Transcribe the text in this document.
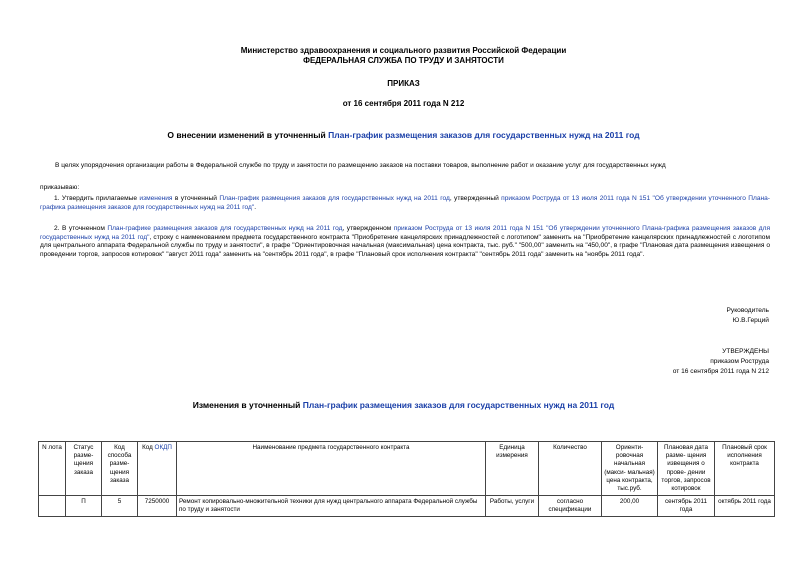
Министерство здравоохранения и социального развития Российской Федерации
ФЕДЕРАЛЬНАЯ СЛУЖБА ПО ТРУДУ И ЗАНЯТОСТИ
ПРИКАЗ
от 16 сентября 2011 года N 212
О внесении изменений в уточненный План-график размещения заказов для государственных нужд на 2011 год
В целях упорядочения организации работы в Федеральной службе по труду и занятости по размещению заказов на поставки товаров, выполнение работ и оказание услуг для государственных нужд
приказываю:
1. Утвердить прилагаемые изменения в уточненный План-график размещения заказов для государственных нужд на 2011 год, утвержденный приказом Роструда от 13 июля 2011 года N 151 "Об утверждении уточненного Плана-графика размещения заказов для государственных нужд на 2011 год".
2. В уточненном План-графике размещения заказов для государственных нужд на 2011 год, утвержденном приказом Роструда от 13 июля 2011 года N 151 "Об утверждении уточненного Плана-графика размещения заказов для государственных нужд на 2011 год", строку с наименованием предмета государственного контракта "Приобретение канцелярских принадлежностей с логотипом" заменить на "Приобретение канцелярских принадлежностей с логотипом для центрального аппарата Федеральной службы по труду и занятости", в графе "Ориентировочная начальная (максимальная) цена контракта, тыс. руб." "500,00" заменить на "450,00", в графе "Плановая дата размещения извещения о проведении торгов, запросов котировок" "август 2011 года" заменить на "сентябрь 2011 года", в графе "Плановый срок исполнения контракта" "сентябрь 2011 года" заменить на "ноябрь 2011 года".
Руководитель
Ю.В.Герций
УТВЕРЖДЕНЫ
приказом Роструда
от 16 сентября 2011 года N 212
Изменения в уточненный План-график размещения заказов для государственных нужд на 2011 год
N лота	Статус разме- щения заказа	Код способа разме- щения заказа	Код ОКДП	Наименование предмета государственного контракта	Единица измерения	Количество	Ориенти- ровочная начальная (макси- мальная) цена контракта, тыс.руб.	Плановая дата разме- щения извещения о прове- дении торгов, запросов котировок	Плановый срок исполнения контракта
	П	5	7250000	Ремонт копировально-множительной техники для нужд центрального аппарата Федеральной службы по труду и занятости	Работы, услуги	согласно спецификации	200,00	сентябрь 2011 года	октябрь 2011 года
